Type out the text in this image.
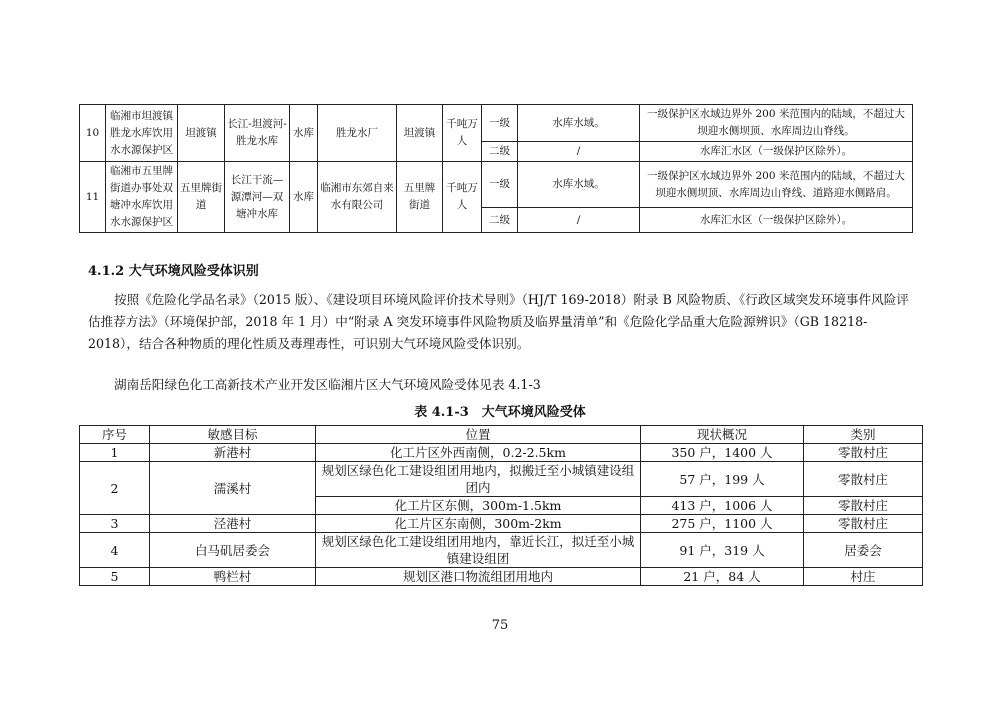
10	临湘市坦渡镇胜龙水库饮用水水源保护区	坦渡镇	长江-坦渡河-胜龙水库	水库	胜龙水厂	坦渡镇	千吨万人	一级	水库水域。	一级保护区水域边界外 200 米范围内的陆域，不超过大坝迎水侧坝顶、水库周边山脊线。
								二级	/	水库汇水区（一级保护区除外）。
11	临湘市五里牌街道办事处双塘冲水库饮用水水源保护区	五里牌街道	长江干流—源潭河—双塘冲水库	水库	临湘市东郊自来水有限公司	五里牌街道	千吨万人	一级	水库水域。	一级保护区水域边界外 200 米范围内的陆域，不超过大坝迎水侧坝顶、水库周边山脊线、道路迎水侧路肩。
								二级	/	水库汇水区（一级保护区除外）。
4.1.2 大气环境风险受体识别
按照《危险化学品名录》（2015 版）、《建设项目环境风险评价技术导则》（HJ/T 169-2018）附录 B 风险物质、《行政区域突发环境事件风险评估推荐方法》（环境保护部，2018 年 1 月）中“附录 A 突发环境事件风险物质及临界量清单”和《危险化学品重大危险源辨识》（GB 18218-2018），结合各种物质的理化性质及毒理毒性，可识别大气环境风险受体识别。
湖南岳阳绿色化工高新技术产业开发区临湘片区大气环境风险受体见表 4.1-3
表 4.1-3　大气环境风险受体
序号	敏感目标	位置	现状概况	类别
1	新港村	化工片区外西南侧，0.2-2.5km	350 户，1400 人	零散村庄
2	濡溪村	规划区绿色化工建设组团用地内，拟搬迁至小城镇建设组团内	57 户，199 人	零散村庄
		化工片区东侧，300m-1.5km	413 户，1006 人	零散村庄
3	泾港村	化工片区东南侧，300m-2km	275 户，1100 人	零散村庄
4	白马矶居委会	规划区绿色化工建设组团用地内，靠近长江，拟迁至小城镇建设组团	91 户，319 人	居委会
5	鸭栏村	规划区港口物流组团用地内	21 户，84 人	村庄
75
